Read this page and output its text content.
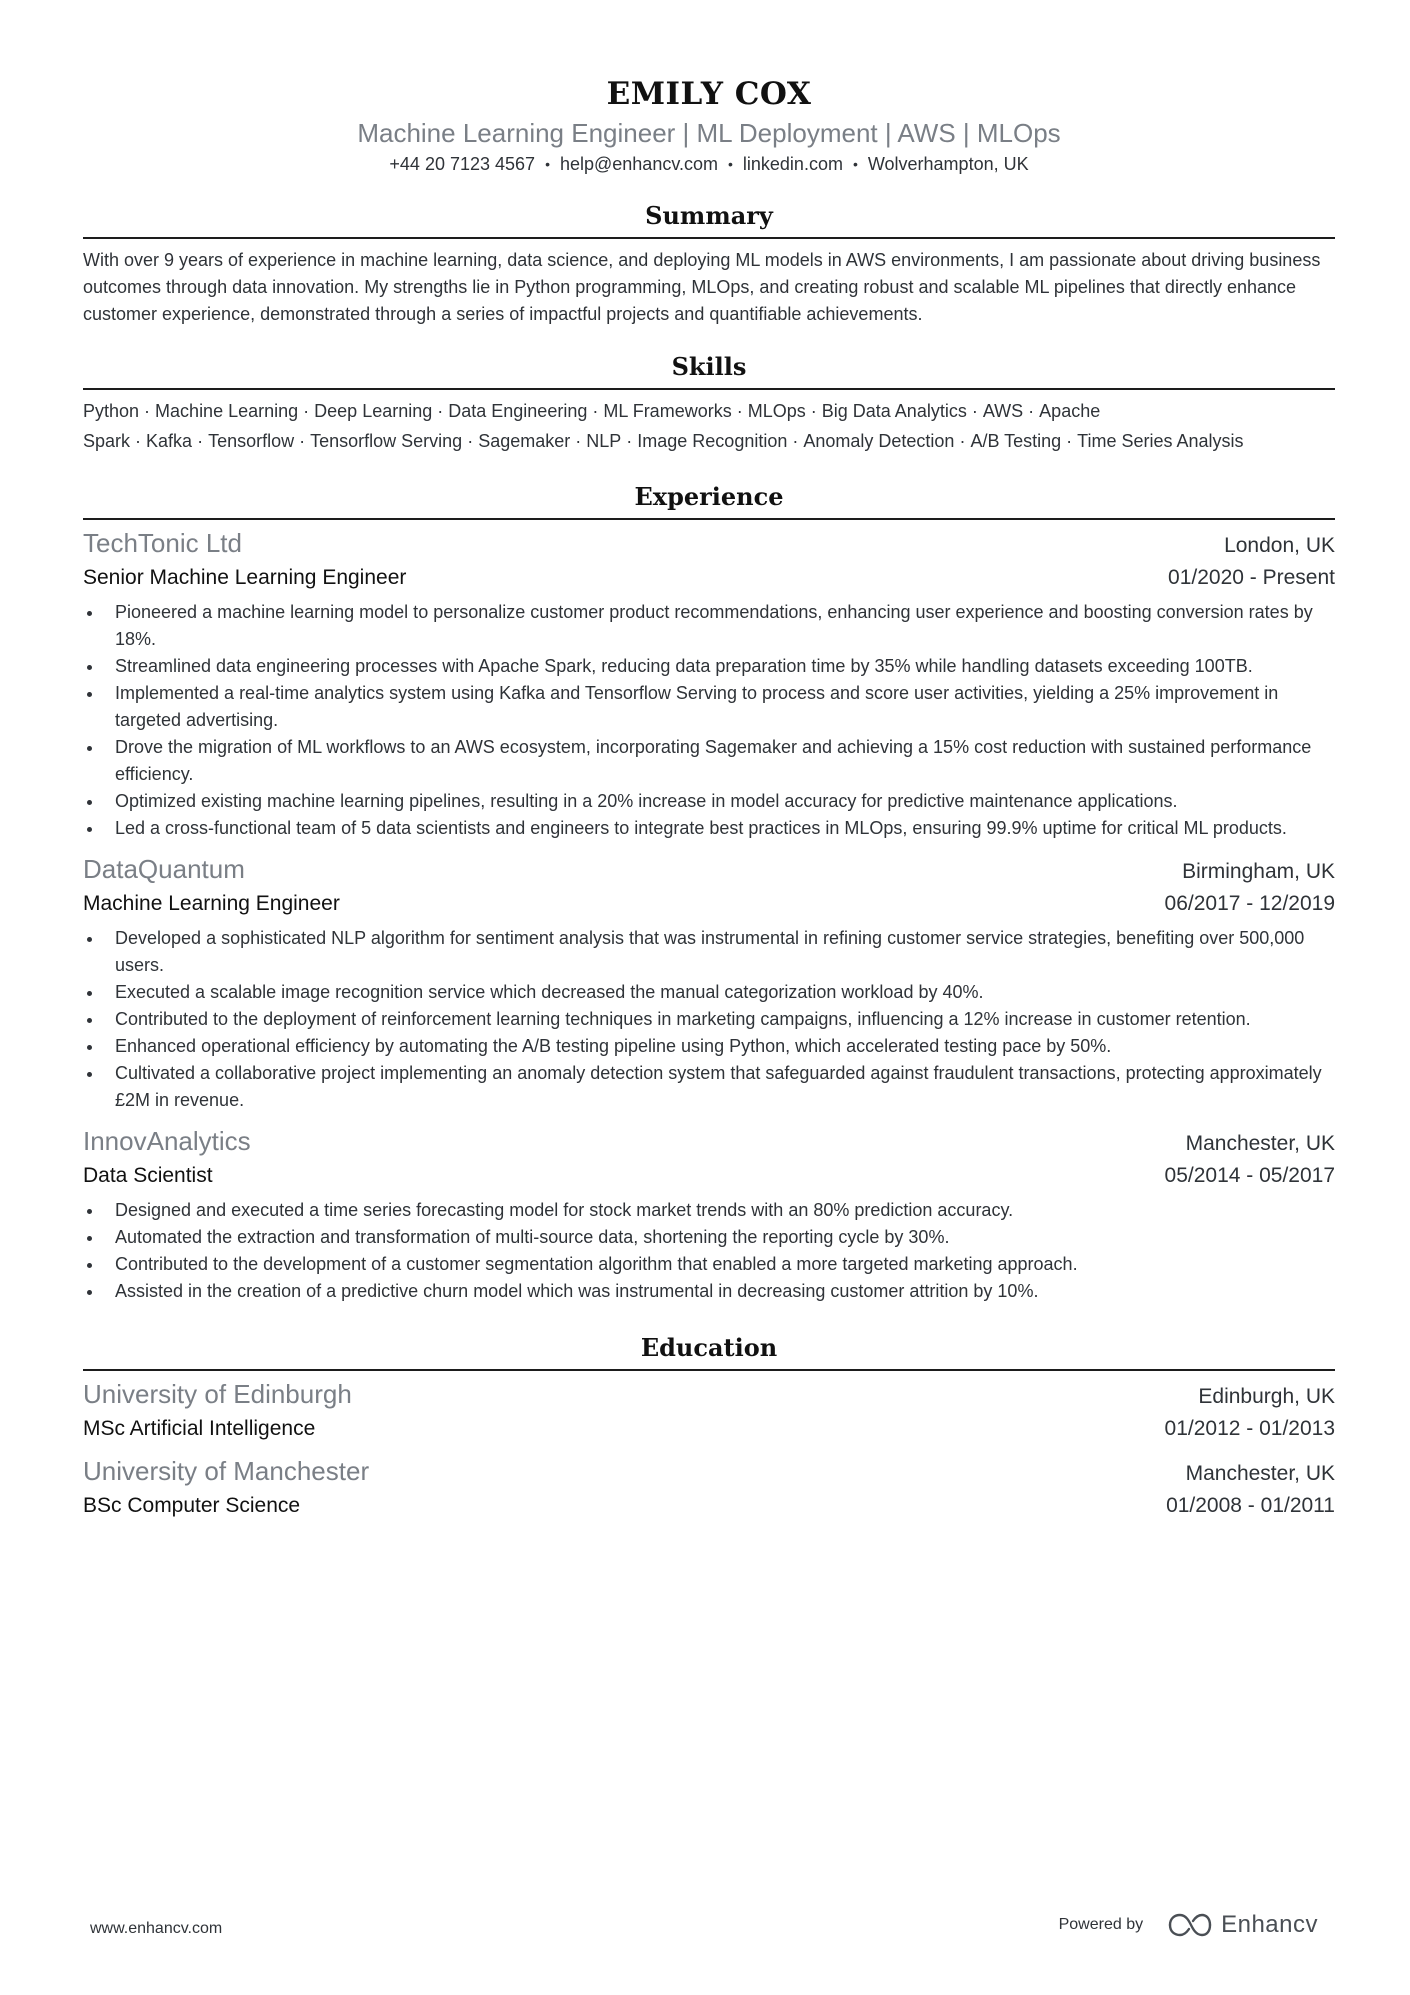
EMILY COX
Machine Learning Engineer | ML Deployment | AWS | MLOps
+44 20 7123 4567 • help@enhancv.com • linkedin.com • Wolverhampton, UK
Summary
With over 9 years of experience in machine learning, data science, and deploying ML models in AWS environments, I am passionate about driving business outcomes through data innovation. My strengths lie in Python programming, MLOps, and creating robust and scalable ML pipelines that directly enhance customer experience, demonstrated through a series of impactful projects and quantifiable achievements.
Skills
Python · Machine Learning · Deep Learning · Data Engineering · ML Frameworks · MLOps · Big Data Analytics · AWS · Apache Spark · Kafka · Tensorflow · Tensorflow Serving · Sagemaker · NLP · Image Recognition · Anomaly Detection · A/B Testing · Time Series Analysis
Experience
TechTonic Ltd	London, UK
Senior Machine Learning Engineer	01/2020 - Present
Pioneered a machine learning model to personalize customer product recommendations, enhancing user experience and boosting conversion rates by 18%.
Streamlined data engineering processes with Apache Spark, reducing data preparation time by 35% while handling datasets exceeding 100TB.
Implemented a real-time analytics system using Kafka and Tensorflow Serving to process and score user activities, yielding a 25% improvement in targeted advertising.
Drove the migration of ML workflows to an AWS ecosystem, incorporating Sagemaker and achieving a 15% cost reduction with sustained performance efficiency.
Optimized existing machine learning pipelines, resulting in a 20% increase in model accuracy for predictive maintenance applications.
Led a cross-functional team of 5 data scientists and engineers to integrate best practices in MLOps, ensuring 99.9% uptime for critical ML products.
DataQuantum	Birmingham, UK
Machine Learning Engineer	06/2017 - 12/2019
Developed a sophisticated NLP algorithm for sentiment analysis that was instrumental in refining customer service strategies, benefiting over 500,000 users.
Executed a scalable image recognition service which decreased the manual categorization workload by 40%.
Contributed to the deployment of reinforcement learning techniques in marketing campaigns, influencing a 12% increase in customer retention.
Enhanced operational efficiency by automating the A/B testing pipeline using Python, which accelerated testing pace by 50%.
Cultivated a collaborative project implementing an anomaly detection system that safeguarded against fraudulent transactions, protecting approximately £2M in revenue.
InnovAnalytics	Manchester, UK
Data Scientist	05/2014 - 05/2017
Designed and executed a time series forecasting model for stock market trends with an 80% prediction accuracy.
Automated the extraction and transformation of multi-source data, shortening the reporting cycle by 30%.
Contributed to the development of a customer segmentation algorithm that enabled a more targeted marketing approach.
Assisted in the creation of a predictive churn model which was instrumental in decreasing customer attrition by 10%.
Education
University of Edinburgh	Edinburgh, UK
MSc Artificial Intelligence	01/2012 - 01/2013
University of Manchester	Manchester, UK
BSc Computer Science	01/2008 - 01/2011
www.enhancv.com	Powered by	Enhancv
